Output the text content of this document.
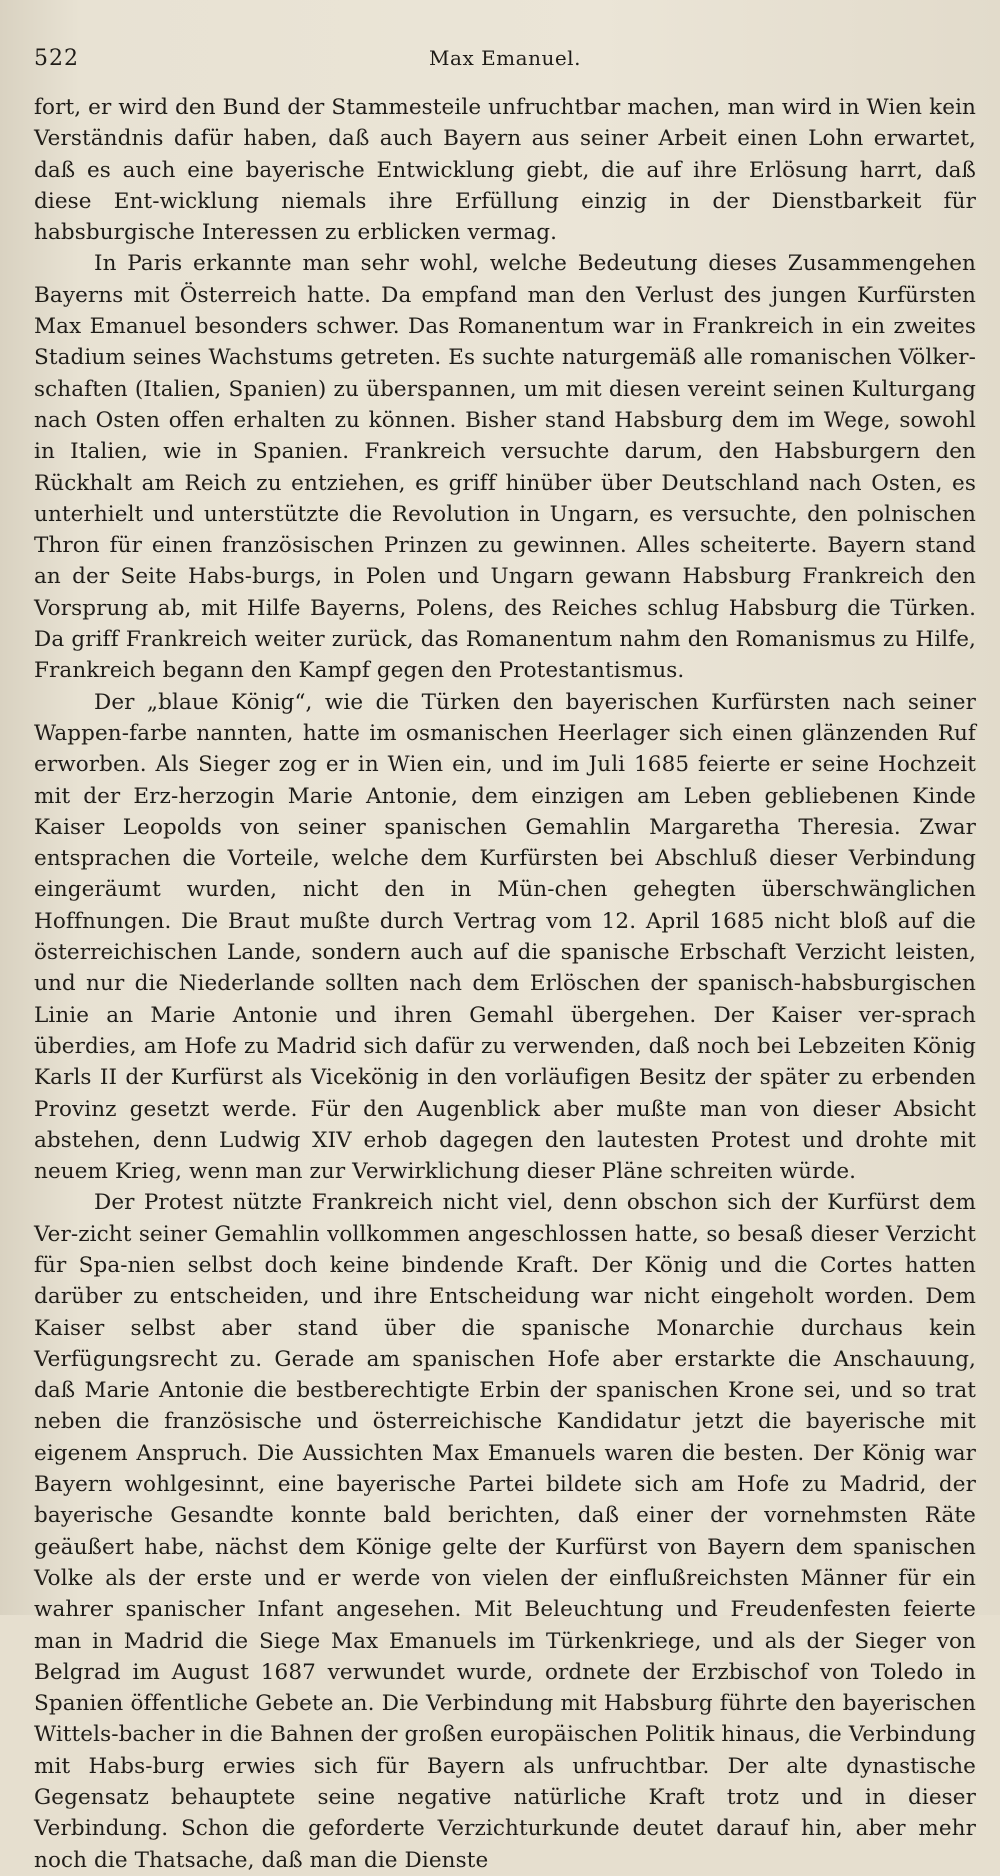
522	Max Emanuel.

fort, er wird den Bund der Stammesteile unfruchtbar machen, man wird in Wien kein Verständnis dafür haben, daß auch Bayern aus seiner Arbeit einen Lohn erwartet, daß es auch eine bayerische Entwicklung giebt, die auf ihre Erlösung harrt, daß diese Ent-wicklung niemals ihre Erfüllung einzig in der Dienstbarkeit für habsburgische Interessen zu erblicken vermag.

In Paris erkannte man sehr wohl, welche Bedeutung dieses Zusammengehen Bayerns mit Österreich hatte. Da empfand man den Verlust des jungen Kurfürsten Max Emanuel besonders schwer. Das Romanentum war in Frankreich in ein zweites Stadium seines Wachstums getreten. Es suchte naturgemäß alle romanischen Völker-schaften (Italien, Spanien) zu überspannen, um mit diesen vereint seinen Kulturgang nach Osten offen erhalten zu können. Bisher stand Habsburg dem im Wege, sowohl in Italien, wie in Spanien. Frankreich versuchte darum, den Habsburgern den Rückhalt am Reich zu entziehen, es griff hinüber über Deutschland nach Osten, es unterhielt und unterstützte die Revolution in Ungarn, es versuchte, den polnischen Thron für einen französischen Prinzen zu gewinnen. Alles scheiterte. Bayern stand an der Seite Habs-burgs, in Polen und Ungarn gewann Habsburg Frankreich den Vorsprung ab, mit Hilfe Bayerns, Polens, des Reiches schlug Habsburg die Türken. Da griff Frankreich weiter zurück, das Romanentum nahm den Romanismus zu Hilfe, Frankreich begann den Kampf gegen den Protestantismus.

Der „blaue König“, wie die Türken den bayerischen Kurfürsten nach seiner Wappen-farbe nannten, hatte im osmanischen Heerlager sich einen glänzenden Ruf erworben. Als Sieger zog er in Wien ein, und im Juli 1685 feierte er seine Hochzeit mit der Erz-herzogin Marie Antonie, dem einzigen am Leben gebliebenen Kinde Kaiser Leopolds von seiner spanischen Gemahlin Margaretha Theresia. Zwar entsprachen die Vorteile, welche dem Kurfürsten bei Abschluß dieser Verbindung eingeräumt wurden, nicht den in Mün-chen gehegten überschwänglichen Hoffnungen. Die Braut mußte durch Vertrag vom 12. April 1685 nicht bloß auf die österreichischen Lande, sondern auch auf die spanische Erbschaft Verzicht leisten, und nur die Niederlande sollten nach dem Erlöschen der spanisch-habsburgischen Linie an Marie Antonie und ihren Gemahl übergehen. Der Kaiser ver-sprach überdies, am Hofe zu Madrid sich dafür zu verwenden, daß noch bei Lebzeiten König Karls II der Kurfürst als Vicekönig in den vorläufigen Besitz der später zu erbenden Provinz gesetzt werde. Für den Augenblick aber mußte man von dieser Absicht abstehen, denn Ludwig XIV erhob dagegen den lautesten Protest und drohte mit neuem Krieg, wenn man zur Verwirklichung dieser Pläne schreiten würde.

Der Protest nützte Frankreich nicht viel, denn obschon sich der Kurfürst dem Ver-zicht seiner Gemahlin vollkommen angeschlossen hatte, so besaß dieser Verzicht für Spa-nien selbst doch keine bindende Kraft. Der König und die Cortes hatten darüber zu entscheiden, und ihre Entscheidung war nicht eingeholt worden. Dem Kaiser selbst aber stand über die spanische Monarchie durchaus kein Verfügungsrecht zu. Gerade am spanischen Hofe aber erstarkte die Anschauung, daß Marie Antonie die bestberechtigte Erbin der spanischen Krone sei, und so trat neben die französische und österreichische Kandidatur jetzt die bayerische mit eigenem Anspruch. Die Aussichten Max Emanuels waren die besten. Der König war Bayern wohlgesinnt, eine bayerische Partei bildete sich am Hofe zu Madrid, der bayerische Gesandte konnte bald berichten, daß einer der vornehmsten Räte geäußert habe, nächst dem Könige gelte der Kurfürst von Bayern dem spanischen Volke als der erste und er werde von vielen der einflußreichsten Männer für ein wahrer spanischer Infant angesehen. Mit Beleuchtung und Freudenfesten feierte man in Madrid die Siege Max Emanuels im Türkenkriege, und als der Sieger von Belgrad im August 1687 verwundet wurde, ordnete der Erzbischof von Toledo in Spanien öffentliche Gebete an. Die Verbindung mit Habsburg führte den bayerischen Wittels-bacher in die Bahnen der großen europäischen Politik hinaus, die Verbindung mit Habs-burg erwies sich für Bayern als unfruchtbar. Der alte dynastische Gegensatz behauptete seine negative natürliche Kraft trotz und in dieser Verbindung. Schon die geforderte Verzichturkunde deutet darauf hin, aber mehr noch die Thatsache, daß man die Dienste
